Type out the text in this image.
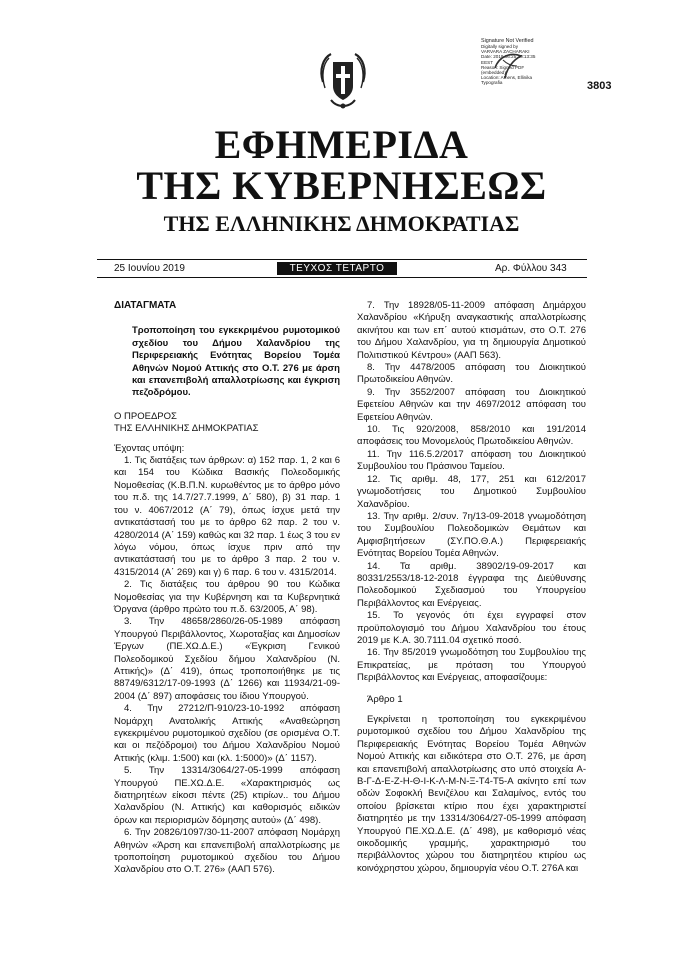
Signature Not Verified
Digitally signed by
VARVARA ZACHARAKI
Date: 2019.06.25 16:13:35
EEST
Reason: Signed PDF
(embedded)
Location: Athens, Ellinika
Typografia	3803
ΕΦΗΜΕΡΙΔΑ
ΤΗΣ ΚΥΒΕΡΝΗΣΕΩΣ
ΤΗΣ ΕΛΛΗΝΙΚΗΣ ΔΗΜΟΚΡΑΤΙΑΣ
25 Ιουνίου 2019	ΤΕΥΧΟΣ ΤΕΤΑΡΤΟ	Αρ. Φύλλου 343

ΔΙΑΤΑΓΜΑΤΑ

Τροποποίηση του εγκεκριμένου ρυμοτομικού σχεδίου του Δήμου Χαλανδρίου της Περιφερειακής Ενότητας Βορείου Τομέα Αθηνών Νομού Αττικής στο Ο.Τ. 276 με άρση και επανεπιβολή απαλλοτρίωσης και έγκριση πεζοδρόμου.

Ο ΠΡΟΕΔΡΟΣ
ΤΗΣ ΕΛΛΗΝΙΚΗΣ ΔΗΜΟΚΡΑΤΙΑΣ

Έχοντας υπόψη:

1. Τις διατάξεις των άρθρων: α) 152 παρ. 1, 2 και 6 και 154 του Κώδικα Βασικής Πολεοδομικής Νομοθεσίας (Κ.Β.Π.Ν. κυρωθέντος με το άρθρο μόνο του π.δ. της 14.7/27.7.1999, Δ΄ 580), β) 31 παρ. 1 του ν. 4067/2012 (Α΄ 79), όπως ίσχυε μετά την αντικατάστασή του με το άρθρο 62 παρ. 2 του ν. 4280/2014 (Α΄ 159) καθώς και 32 παρ. 1 έως 3 του εν λόγω νόμου, όπως ίσχυε πριν από την αντικατάστασή του με το άρθρο 3 παρ. 2 του ν. 4315/2014 (Α΄ 269) και γ) 6 παρ. 6 του ν. 4315/2014.

2. Τις διατάξεις του άρθρου 90 του Κώδικα Νομοθεσίας για την Κυβέρνηση και τα Κυβερνητικά Όργανα (άρθρο πρώτο του π.δ. 63/2005, Α΄ 98).

3. Την 48658/2860/26-05-1989 απόφαση Υπουργού Περιβάλλοντος, Χωροταξίας και Δημοσίων Έργων (ΠΕ.ΧΩ.Δ.Ε.) «Έγκριση Γενικού Πολεοδομικού Σχεδίου δήμου Χαλανδρίου (Ν. Αττικής)» (Δ΄ 419), όπως τροποποιήθηκε με τις 88749/6312/17-09-1993 (Δ΄ 1266) και 11934/21-09-2004 (Δ΄ 897) αποφάσεις του ίδιου Υπουργού.

4. Την 27212/Π-910/23-10-1992 απόφαση Νομάρχη Ανατολικής Αττικής «Αναθεώρηση εγκεκριμένου ρυμοτομικού σχεδίου (σε ορισμένα Ο.Τ. και οι πεζόδρομοι) του Δήμου Χαλανδρίου Νομού Αττικής (κλιμ. 1:500) και (κλ. 1:5000)» (Δ΄ 1157).

5. Την 13314/3064/27-05-1999 απόφαση Υπουργού ΠΕ.ΧΩ.Δ.Ε. «Χαρακτηρισμός ως διατηρητέων είκοσι πέντε (25) κτιρίων.. του Δήμου Χαλανδρίου (Ν. Αττικής) και καθορισμός ειδικών όρων και περιορισμών δόμησης αυτού» (Δ΄ 498).

6. Την 20826/1097/30-11-2007 απόφαση Νομάρχη Αθηνών «Άρση και επανεπιβολή απαλλοτρίωσης με τροποποίηση ρυμοτομικού σχεδίου του Δήμου Χαλανδρίου στο Ο.Τ. 276» (ΑΑΠ 576).

7. Την 18928/05-11-2009 απόφαση Δημάρχου Χαλανδρίου «Κήρυξη αναγκαστικής απαλλοτρίωσης ακινήτου και των επ΄ αυτού κτισμάτων, στο Ο.Τ. 276 του Δήμου Χαλανδρίου, για τη δημιουργία Δημοτικού Πολιτιστικού Κέντρου» (ΑΑΠ 563).

8. Την 4478/2005 απόφαση του Διοικητικού Πρωτοδικείου Αθηνών.

9. Την 3552/2007 απόφαση του Διοικητικού Εφετείου Αθηνών και την 4697/2012 απόφαση του Εφετείου Αθηνών.

10. Τις 920/2008, 858/2010 και 191/2014 αποφάσεις του Μονομελούς Πρωτοδικείου Αθηνών.

11. Την 116.5.2/2017 απόφαση του Διοικητικού Συμβουλίου του Πράσινου Ταμείου.

12. Τις αριθμ. 48, 177, 251 και 612/2017 γνωμοδοτήσεις του Δημοτικού Συμβουλίου Χαλανδρίου.

13. Την αριθμ. 2/συν. 7η/13-09-2018 γνωμοδότηση του Συμβουλίου Πολεοδομικών Θεμάτων και Αμφισβητήσεων (ΣΥ.ΠΟ.Θ.Α.) Περιφερειακής Ενότητας Βορείου Τομέα Αθηνών.

14. Τα αριθμ. 38902/19-09-2017 και 80331/2553/18-12-2018 έγγραφα της Διεύθυνσης Πολεοδομικού Σχεδιασμού του Υπουργείου Περιβάλλοντος και Ενέργειας.

15. Το γεγονός ότι έχει εγγραφεί στον προϋπολογισμό του Δήμου Χαλανδρίου του έτους 2019 με Κ.Α. 30.7111.04 σχετικό ποσό.

16. Την 85/2019 γνωμοδότηση του Συμβουλίου της Επικρατείας, με πρόταση του Υπουργού Περιβάλλοντος και Ενέργειας, αποφασίζουμε:

Άρθρο 1

Εγκρίνεται η τροποποίηση του εγκεκριμένου ρυμοτομικού σχεδίου του Δήμου Χαλανδρίου της Περιφερειακής Ενότητας Βορείου Τομέα Αθηνών Νομού Αττικής και ειδικότερα στο Ο.Τ. 276, με άρση και επανεπιβολή απαλλοτρίωσης στο υπό στοιχεία Α-Β-Γ-Δ-Ε-Ζ-Η-Θ-Ι-Κ-Λ-Μ-Ν-Ξ-Τ4-Τ5-Α ακίνητο επί των οδών Σοφοκλή Βενιζέλου και Σαλαμίνος, εντός του οποίου βρίσκεται κτίριο που έχει χαρακτηριστεί διατηρητέο με την 13314/3064/27-05-1999 απόφαση Υπουργού ΠΕ.ΧΩ.Δ.Ε. (Δ΄ 498), με καθορισμό νέας οικοδομικής γραμμής, χαρακτηρισμό του περιβάλλοντος χώρου του διατηρητέου κτιρίου ως κοινόχρηστου χώρου, δημιουργία νέου Ο.Τ. 276Α και
